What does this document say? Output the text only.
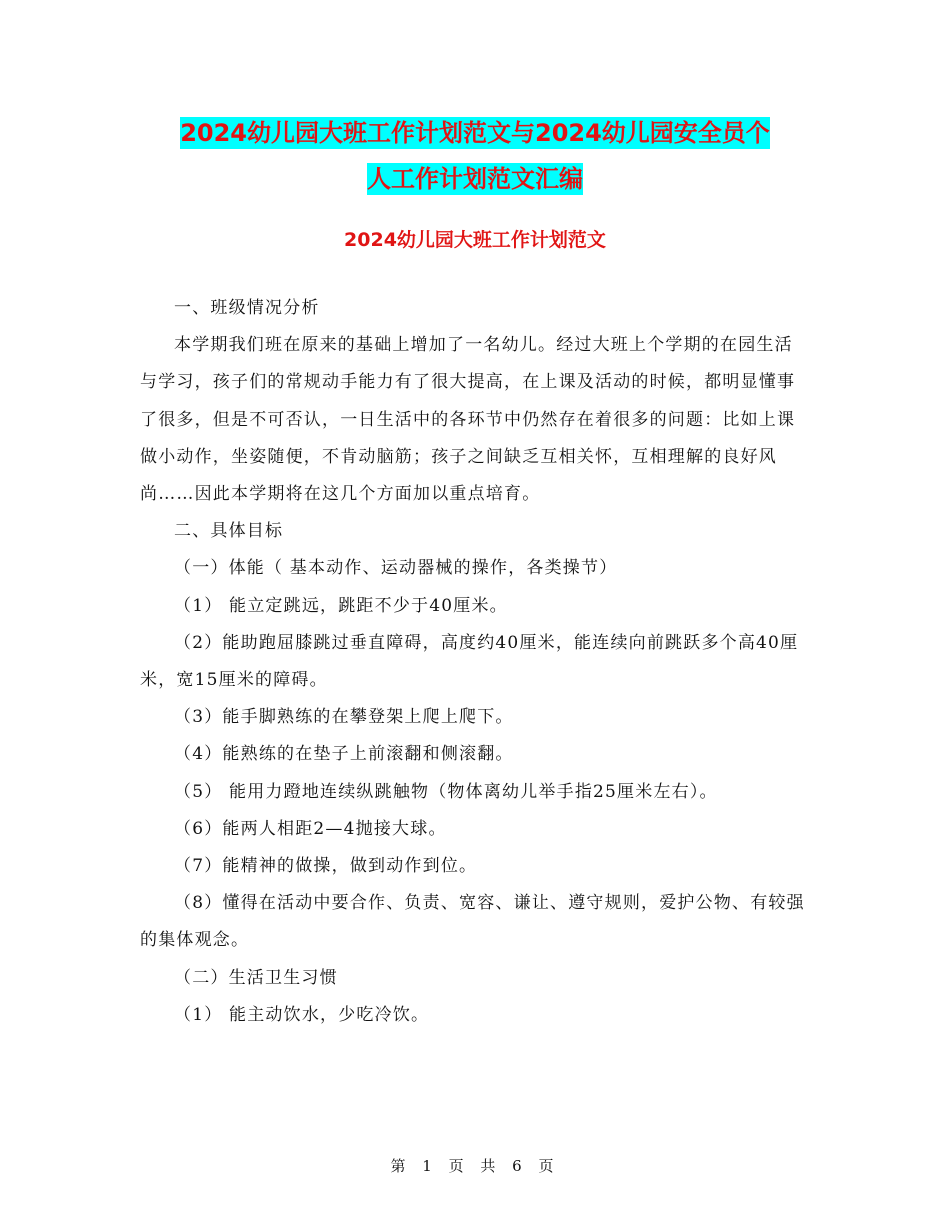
2024幼儿园大班工作计划范文与2024幼儿园安全员个
人工作计划范文汇编
2024幼儿园大班工作计划范文

一、班级情况分析

本学期我们班在原来的基础上增加了一名幼儿。经过大班上个学期的在园生活与学习，孩子们的常规动手能力有了很大提高，在上课及活动的时候，都明显懂事了很多，但是不可否认，一日生活中的各环节中仍然存在着很多的问题：比如上课做小动作，坐姿随便，不肯动脑筋；孩子之间缺乏互相关怀，互相理解的良好风尚……因此本学期将在这几个方面加以重点培育。

二、具体目标

（一）体能（ 基本动作、运动器械的操作，各类操节）

（1） 能立定跳远，跳距不少于40厘米。

（2）能助跑屈膝跳过垂直障碍，高度约40厘米，能连续向前跳跃多个高40厘米，宽15厘米的障碍。

（3）能手脚熟练的在攀登架上爬上爬下。

（4）能熟练的在垫子上前滚翻和侧滚翻。

（5） 能用力蹬地连续纵跳触物（物体离幼儿举手指25厘米左右）。

（6）能两人相距2—4抛接大球。

（7）能精神的做操，做到动作到位。

（8）懂得在活动中要合作、负责、宽容、谦让、遵守规则，爱护公物、有较强的集体观念。

（二）生活卫生习惯

（1） 能主动饮水，少吃冷饮。

第 1 页 共 6 页
